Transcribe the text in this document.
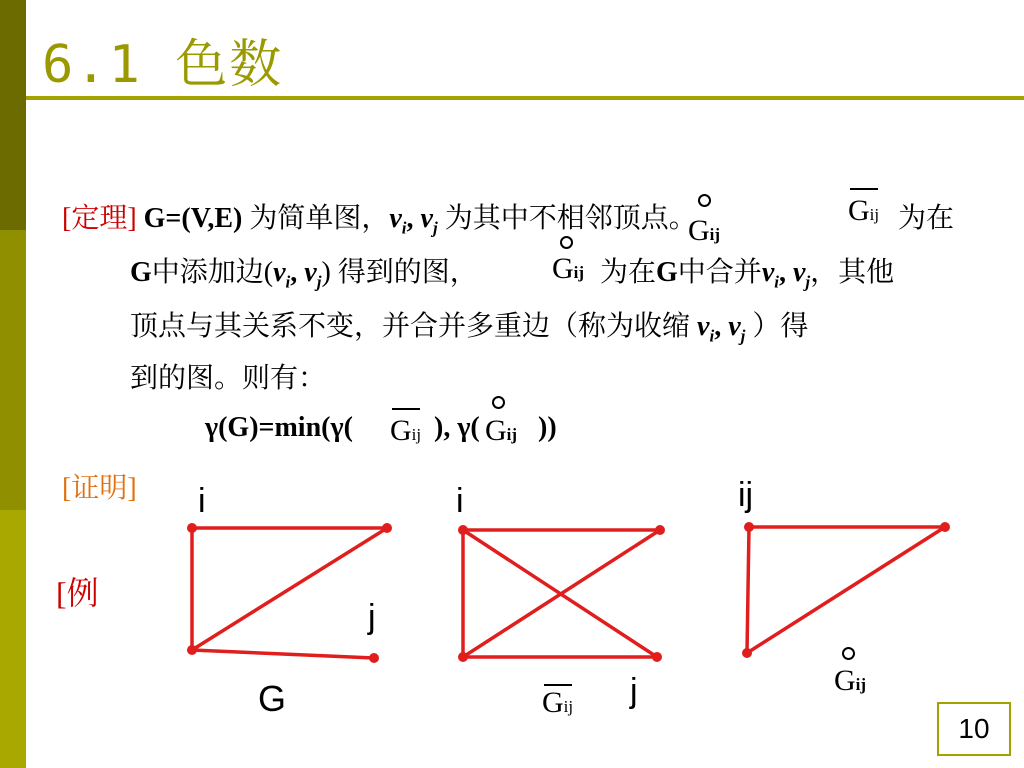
6.1 色数
[定理] G=(V,E) 为简单图，$v_i$, $v_j$ 为其中不相邻顶点。	为在
Gij
Gij
G中添加边($v_i$, $v_j$) 得到的图， Gij 为在G中合并$v_i$, $v_j$，其他
顶点与其关系不变，并合并多重边（称为收缩 $v_i$, $v_j$ ）得
到的图。则有：
γ(G)=min(γ( Gij ), γ( Gij ))
[证明]
[例
i
j
G
i
j
Gij
ij
Gij
10
